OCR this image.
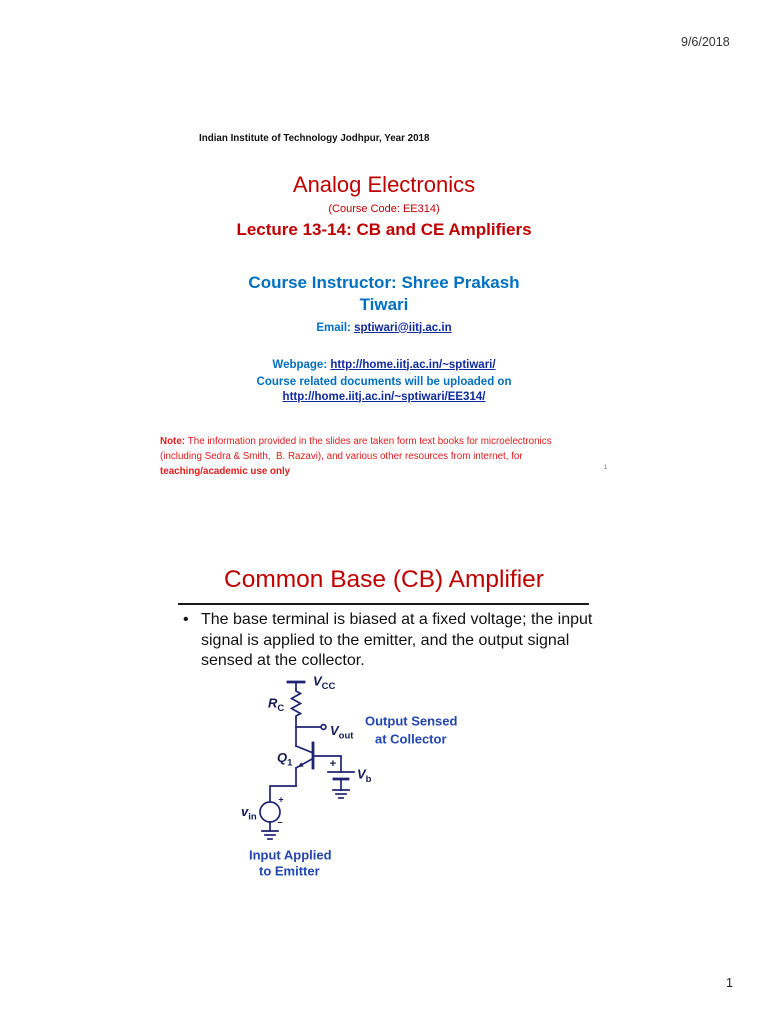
9/6/2018
Indian Institute of Technology Jodhpur, Year 2018
Analog Electronics
(Course Code: EE314)
Lecture 13-14: CB and CE Amplifiers
Course Instructor: Shree Prakash
Tiwari
Email: sptiwari@iitj.ac.in
Webpage: http://home.iitj.ac.in/~sptiwari/
Course related documents will be uploaded on
http://home.iitj.ac.in/~sptiwari/EE314/
Note: The information provided in the slides are taken form text books for microelectronics
(including Sedra & Smith,  B. Razavi), and various other resources from internet, for
teaching/academic use only	1
Common Base (CB) Amplifier
• The base terminal is biased at a fixed voltage; the input
signal is applied to the emitter, and the output signal
sensed at the collector.
$V_{CC}$
$R_C$
$V_{out}$
$Q_1$
$V_b$
$v_{in}$
+
+
−
Output Sensed
at Collector
Input Applied
to Emitter
1
